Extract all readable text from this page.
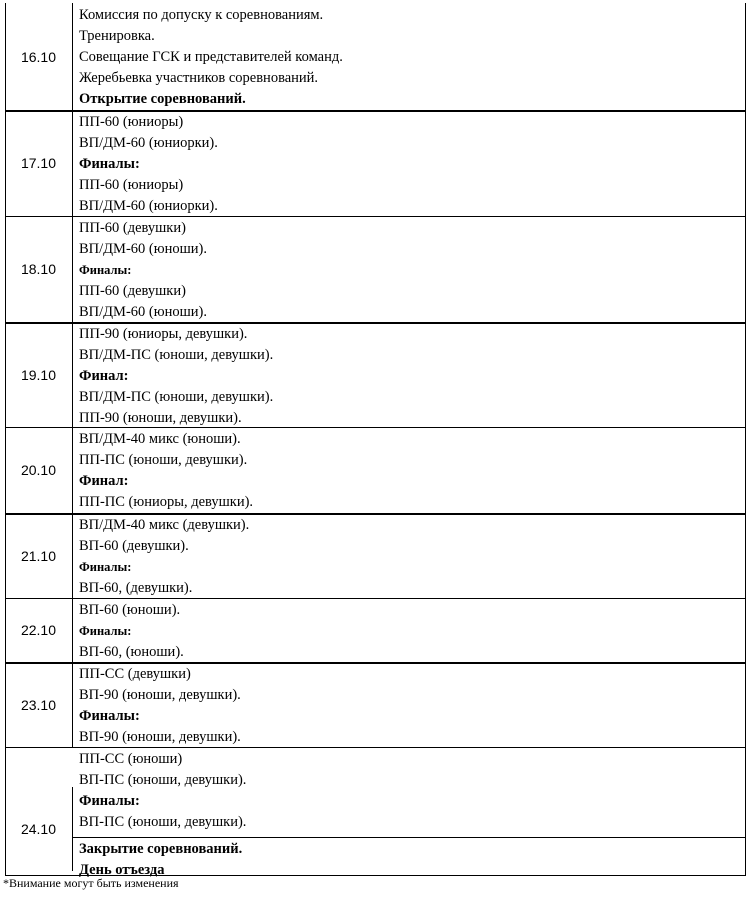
16.10
Комиссия по допуску к соревнованиям.
Тренировка.
Совещание ГСК и представителей команд.
Жеребьевка участников соревнований.
Открытие соревнований.
17.10
ПП-60 (юниоры)
ВП/ДМ-60 (юниорки).
Финалы:
ПП-60 (юниоры)
ВП/ДМ-60 (юниорки).
18.10
ПП-60 (девушки)
ВП/ДМ-60 (юноши).
Финалы:
ПП-60 (девушки)
ВП/ДМ-60 (юноши).
19.10
ПП-90 (юниоры, девушки).
ВП/ДМ-ПС (юноши, девушки).
Финал:
ВП/ДМ-ПС (юноши, девушки).
ПП-90 (юноши, девушки).
20.10
ВП/ДМ-40 микс (юноши).
ПП-ПС (юноши, девушки).
Финал:
ПП-ПС (юниоры, девушки).
21.10
ВП/ДМ-40 микс (девушки).
ВП-60 (девушки).
Финалы:
ВП-60, (девушки).
22.10
ВП-60 (юноши).
Финалы:
ВП-60, (юноши).
23.10
ПП-СС (девушки)
ВП-90 (юноши, девушки).
Финалы:
ВП-90 (юноши, девушки).
24.10
ПП-СС (юноши)
ВП-ПС (юноши, девушки).
Финалы:
ВП-ПС (юноши, девушки).
Закрытие соревнований.
День отъезда
*Внимание могут быть изменения
